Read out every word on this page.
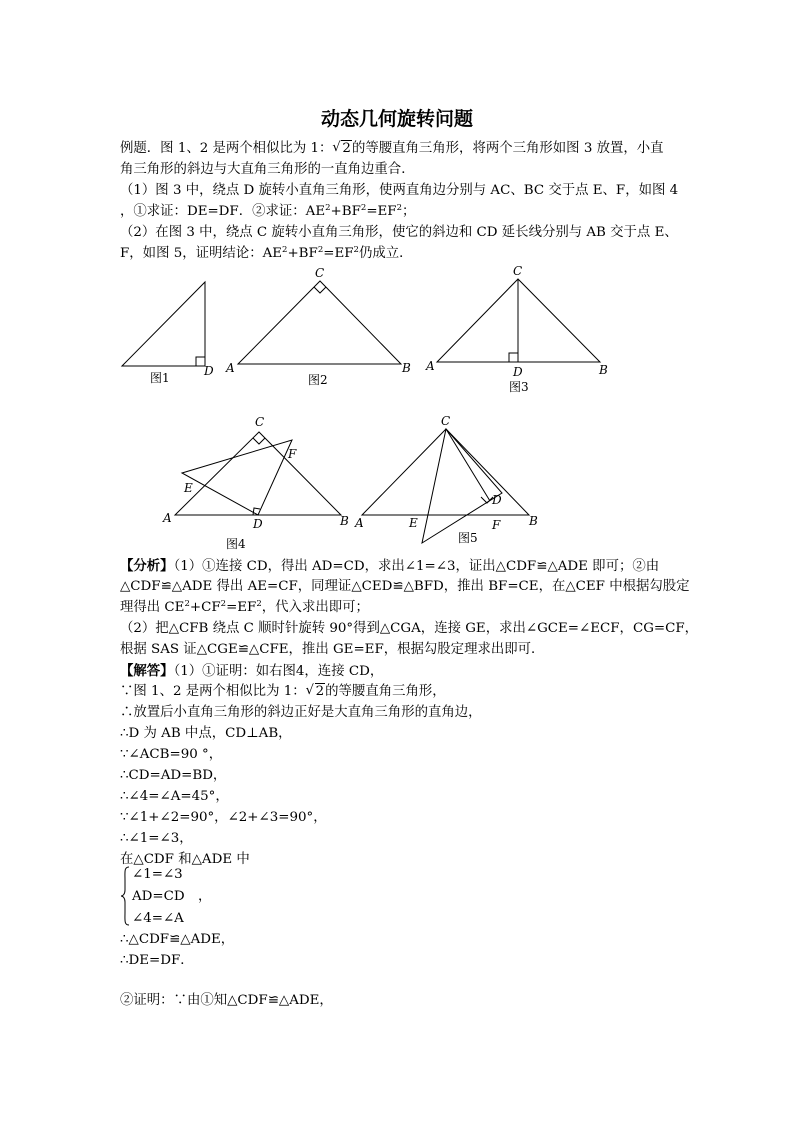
动态几何旋转问题
例题．图 1、2 是两个相似比为 1： √ 2的等腰直角三角形，将两个三角形如图 3 放置，小直
角三角形的斜边与大直角三角形的一直角边重合．
（1）图 3 中，绕点 D 旋转小直角三角形，使两直角边分别与 AC、BC 交于点 E、F，如图 4
，①求证：DE=DF．②求证：$AE^2+BF^2=EF^2$；
（2）在图 3 中，绕点 C 旋转小直角三角形，使它的斜边和 CD 延长线分别与 AB 交于点 E、
F，如图 5，证明结论：$AE^2+BF^2=EF^2$仍成立．
D
图1
C
A	B
图2
C
A	B
D
图3
C
A	B
D
E
F
图4
C
A	B
D
E	F
图5
【分析】（1）①连接 CD，得出 AD=CD，求出∠1=∠3，证出△CDF≌△ADE 即可；②由
△CDF≌△ADE 得出 AE=CF，同理证△CED≌△BFD，推出 BF=CE，在△CEF 中根据勾股定
理得出 $CE^2+CF^2=EF^2$，代入求出即可；
（2）把△CFB 绕点 C 顺时针旋转 90°得到△CGA，连接 GE，求出∠GCE=∠ECF，CG=CF，
根据 SAS 证△CGE≌△CFE，推出 GE=EF，根据勾股定理求出即可．
【解答】（1）①证明：如右图4，连接 CD，
∵图 1、2 是两个相似比为 1： √ 2的等腰直角三角形，
∴放置后小直角三角形的斜边正好是大直角三角形的直角边，
∴D 为 AB 中点，CD⊥AB，
∵∠ACB=90 °，
∴CD=AD=BD，
∴∠4=∠A=45°，
∵∠1+∠2=90°，∠2+∠3=90°，
∴∠1=∠3，
在△CDF 和△ADE 中
∠1=∠3
AD=CD　，
∠4=∠A
∴△CDF≌△ADE，
∴DE=DF．
②证明：∵由①知△CDF≌△ADE，
